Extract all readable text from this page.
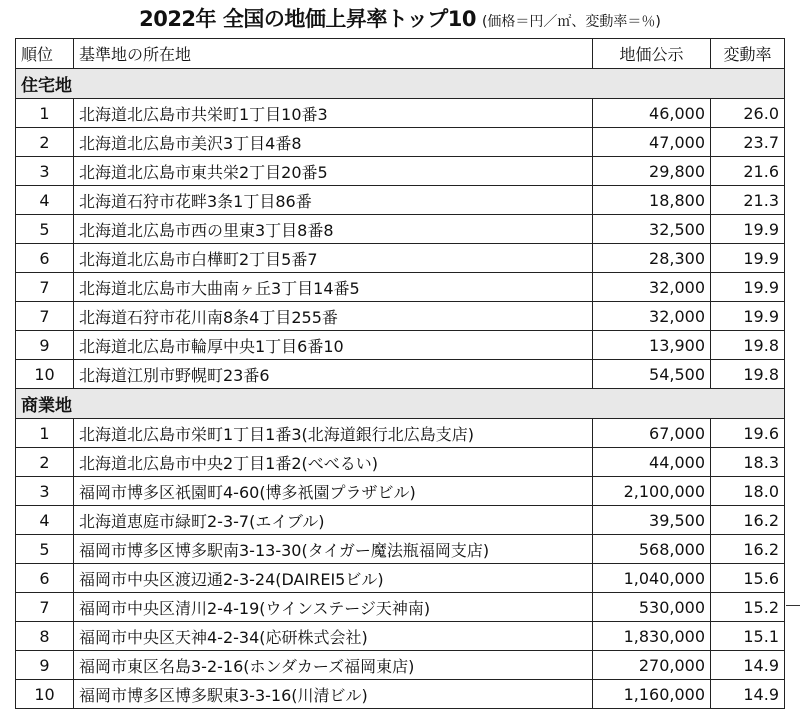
2022年 全国の地価上昇率トップ10 (価格＝円／㎡、変動率＝％)
順位	基準地の所在地	地価公示	変動率
住宅地			
1	北海道北広島市共栄町1丁目10番3	46,000	26.0
2	北海道北広島市美沢3丁目4番8	47,000	23.7
3	北海道北広島市東共栄2丁目20番5	29,800	21.6
4	北海道石狩市花畔3条1丁目86番	18,800	21.3
5	北海道北広島市西の里東3丁目8番8	32,500	19.9
6	北海道北広島市白樺町2丁目5番7	28,300	19.9
7	北海道北広島市大曲南ヶ丘3丁目14番5	32,000	19.9
7	北海道石狩市花川南8条4丁目255番	32,000	19.9
9	北海道北広島市輪厚中央1丁目6番10	13,900	19.8
10	北海道江別市野幌町23番6	54,500	19.8
商業地			
1	北海道北広島市栄町1丁目1番3(北海道銀行北広島支店)	67,000	19.6
2	北海道北広島市中央2丁目1番2(べべるい)	44,000	18.3
3	福岡市博多区祇園町4-60(博多祇園プラザビル)	2,100,000	18.0
4	北海道恵庭市緑町2-3-7(エイブル)	39,500	16.2
5	福岡市博多区博多駅南3-13-30(タイガー魔法瓶福岡支店)	568,000	16.2
6	福岡市中央区渡辺通2-3-24(DAIREI5ビル)	1,040,000	15.6
7	福岡市中央区清川2-4-19(ウインステージ天神南)	530,000	15.2
8	福岡市中央区天神4-2-34(応研株式会社)	1,830,000	15.1
9	福岡市東区名島3-2-16(ホンダカーズ福岡東店)	270,000	14.9
10	福岡市博多区博多駅東3-3-16(川清ビル)	1,160,000	14.9
